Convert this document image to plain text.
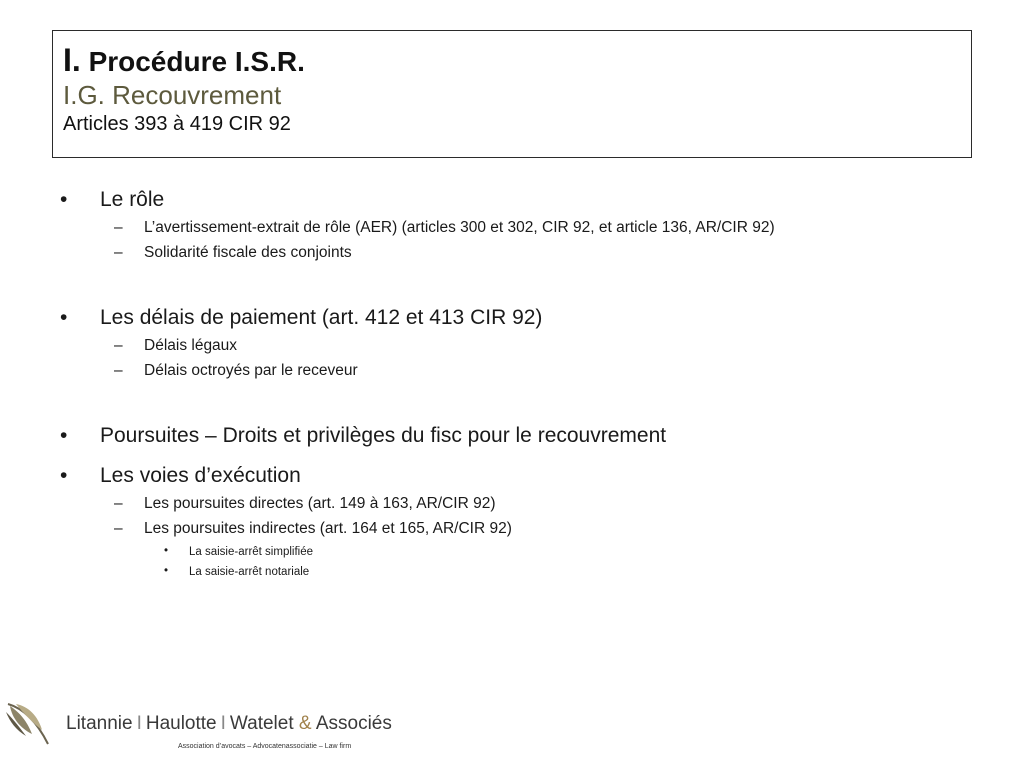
I. Procédure I.S.R.
I.G. Recouvrement
Articles 393 à 419 CIR 92
•	Le rôle
– L’avertissement-extrait de rôle (AER) (articles 300 et 302, CIR 92, et article 136, AR/CIR 92)
– Solidarité fiscale des conjoints
•	Les délais de paiement (art. 412 et 413 CIR 92)
– Délais légaux
– Délais octroyés par le receveur
•	Poursuites – Droits et privilèges du fisc pour le recouvrement
•	Les voies d’exécution
– Les poursuites directes (art. 149 à 163, AR/CIR 92)
– Les poursuites indirectes (art. 164 et 165, AR/CIR 92)
• La saisie-arrêt simplifiée
• La saisie-arrêt notariale
Litannie I Haulotte I Watelet & Associés
Association d’avocats – Advocatenassociatie – Law firm
